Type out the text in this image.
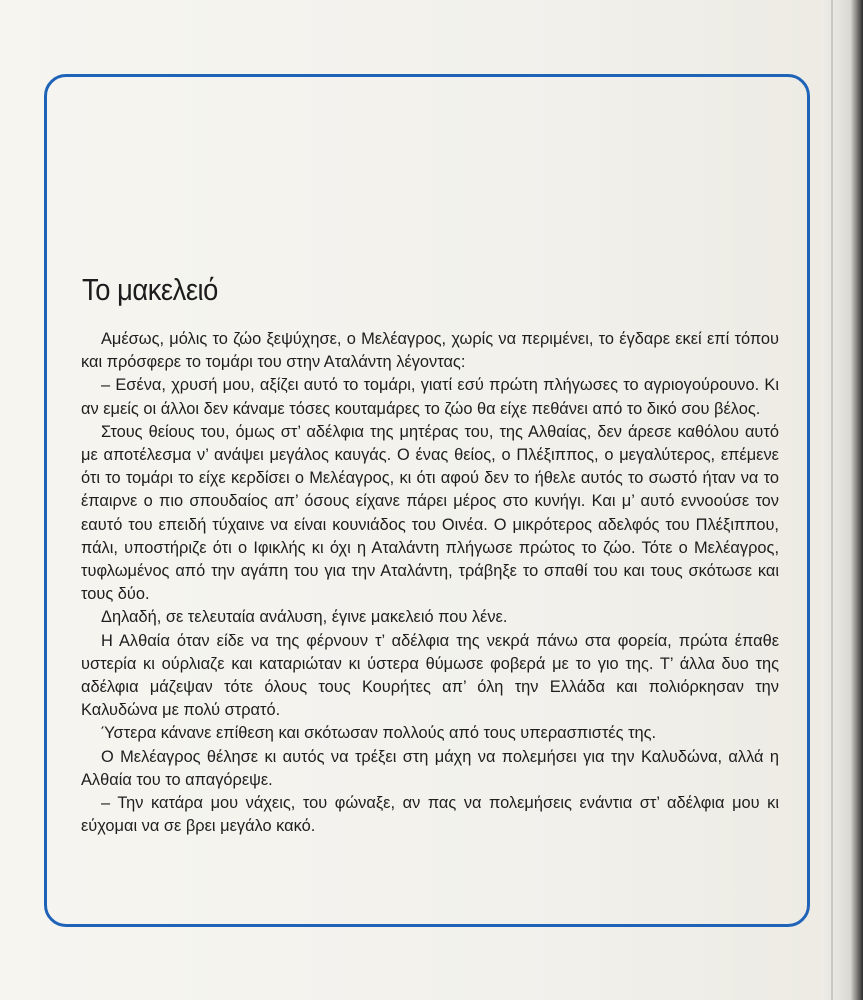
Το μακελειό

Αμέσως, μόλις το ζώο ξεψύχησε, ο Μελέαγρος, χωρίς να περιμένει, το έγδαρε εκεί επί τόπου και πρόσφερε το τομάρι του στην Αταλάντη λέγοντας:

– Εσένα, χρυσή μου, αξίζει αυτό το τομάρι, γιατί εσύ πρώτη πλήγωσες το αγριογούρουνο. Κι αν εμείς οι άλλοι δεν κάναμε τόσες κουταμάρες το ζώο θα είχε πεθάνει από το δικό σου βέλος.

Στους θείους του, όμως στ’ αδέλφια της μητέρας του, της Αλθαίας, δεν άρεσε καθόλου αυτό με αποτέλεσμα ν’ ανάψει μεγάλος καυγάς. Ο ένας θείος, ο Πλέξιππος, ο μεγαλύτερος, επέμενε ότι το τομάρι το είχε κερδίσει ο Μελέαγρος, κι ότι αφού δεν το ήθελε αυτός το σωστό ήταν να το έπαιρνε ο πιο σπουδαίος απ’ όσους είχανε πάρει μέρος στο κυνήγι. Και μ’ αυτό εννοούσε τον εαυτό του επειδή τύχαινε να είναι κουνιάδος του Οινέα. Ο μικρότερος αδελφός του Πλέξιππου, πάλι, υποστήριζε ότι ο Ιφικλής κι όχι η Αταλάντη πλήγωσε πρώτος το ζώο. Τότε ο Μελέαγρος, τυφλωμένος από την αγάπη του για την Αταλάντη, τράβηξε το σπαθί του και τους σκότωσε και τους δύο.

Δηλαδή, σε τελευταία ανάλυση, έγινε μακελειό που λένε.

Η Αλθαία όταν είδε να της φέρνουν τ’ αδέλφια της νεκρά πάνω στα φορεία, πρώτα έπαθε υστερία κι ούρλιαζε και καταριώταν κι ύστερα θύμωσε φοβερά με το γιο της. Τ’ άλλα δυο της αδέλφια μάζεψαν τότε όλους τους Κουρήτες απ’ όλη την Ελλάδα και πολιόρκησαν την Καλυδώνα με πολύ στρατό.

Ύστερα κάνανε επίθεση και σκότωσαν πολλούς από τους υπερασπιστές της.

Ο Μελέαγρος θέλησε κι αυτός να τρέξει στη μάχη να πολεμήσει για την Καλυδώνα, αλλά η Αλθαία του το απαγόρεψε.

– Την κατάρα μου νάχεις, του φώναξε, αν πας να πολεμήσεις ενάντια στ’ αδέλφια μου κι εύχομαι να σε βρει μεγάλο κακό.
